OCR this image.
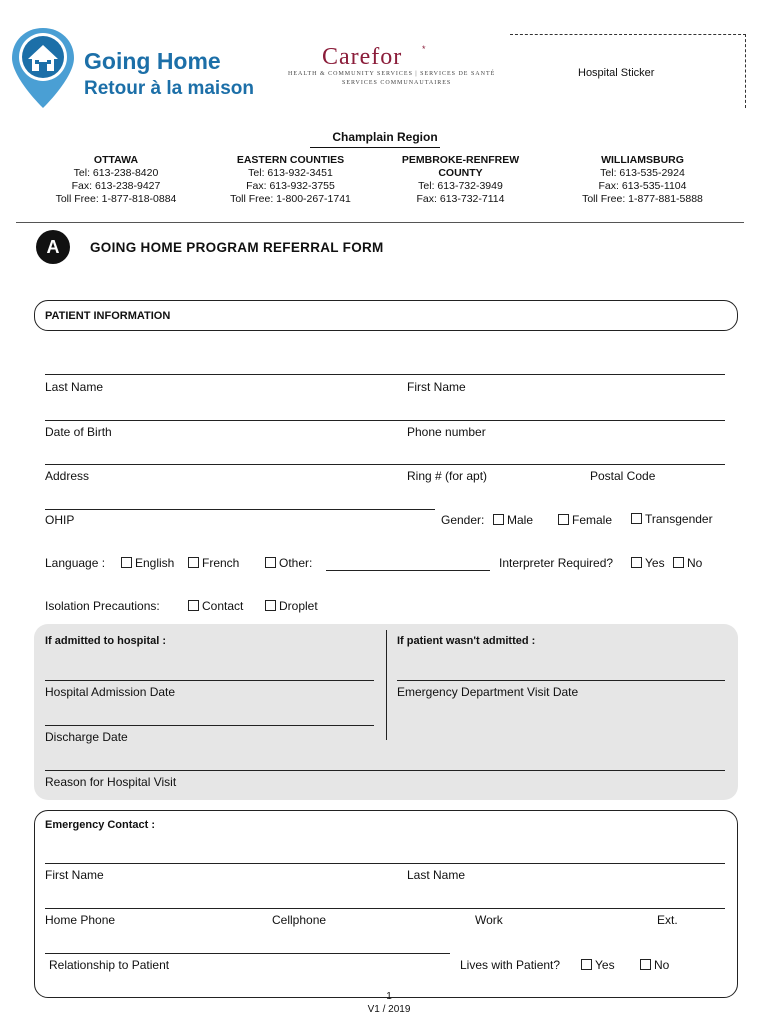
Going Home
Retour à la maison
Carefor *
HEALTH & COMMUNITY SERVICES | SERVICES DE SANTÉ
SERVICES COMMUNAUTAIRES
Hospital Sticker
Champlain Region
OTTAWA
Tel: 613-238-8420
Fax: 613-238-9427
Toll Free: 1-877-818-0884
EASTERN COUNTIES
Tel: 613-932-3451
Fax: 613-932-3755
Toll Free: 1-800-267-1741
PEMBROKE-RENFREW
COUNTY
Tel: 613-732-3949
Fax: 613-732-7114
WILLIAMSBURG
Tel: 613-535-2924
Fax: 613-535-1104
Toll Free: 1-877-881-5888
A	GOING HOME PROGRAM REFERRAL FORM
PATIENT INFORMATION
Last Name	First Name
Date of Birth	Phone number
Address	Ring # (for apt)	Postal Code
OHIP	Gender:	Male	Female	Transgender
Language :	English	French	Other:	Interpreter Required?	Yes	No
Isolation Precautions:	Contact	Droplet
If admitted to hospital :	If patient wasn't admitted :
Hospital Admission Date	Emergency Department Visit Date
Discharge Date
Reason for Hospital Visit
Emergency Contact :
First Name	Last Name
Home Phone	Cellphone	Work	Ext.
Relationship to Patient	Lives with Patient?	Yes	No
1
V1 / 2019
